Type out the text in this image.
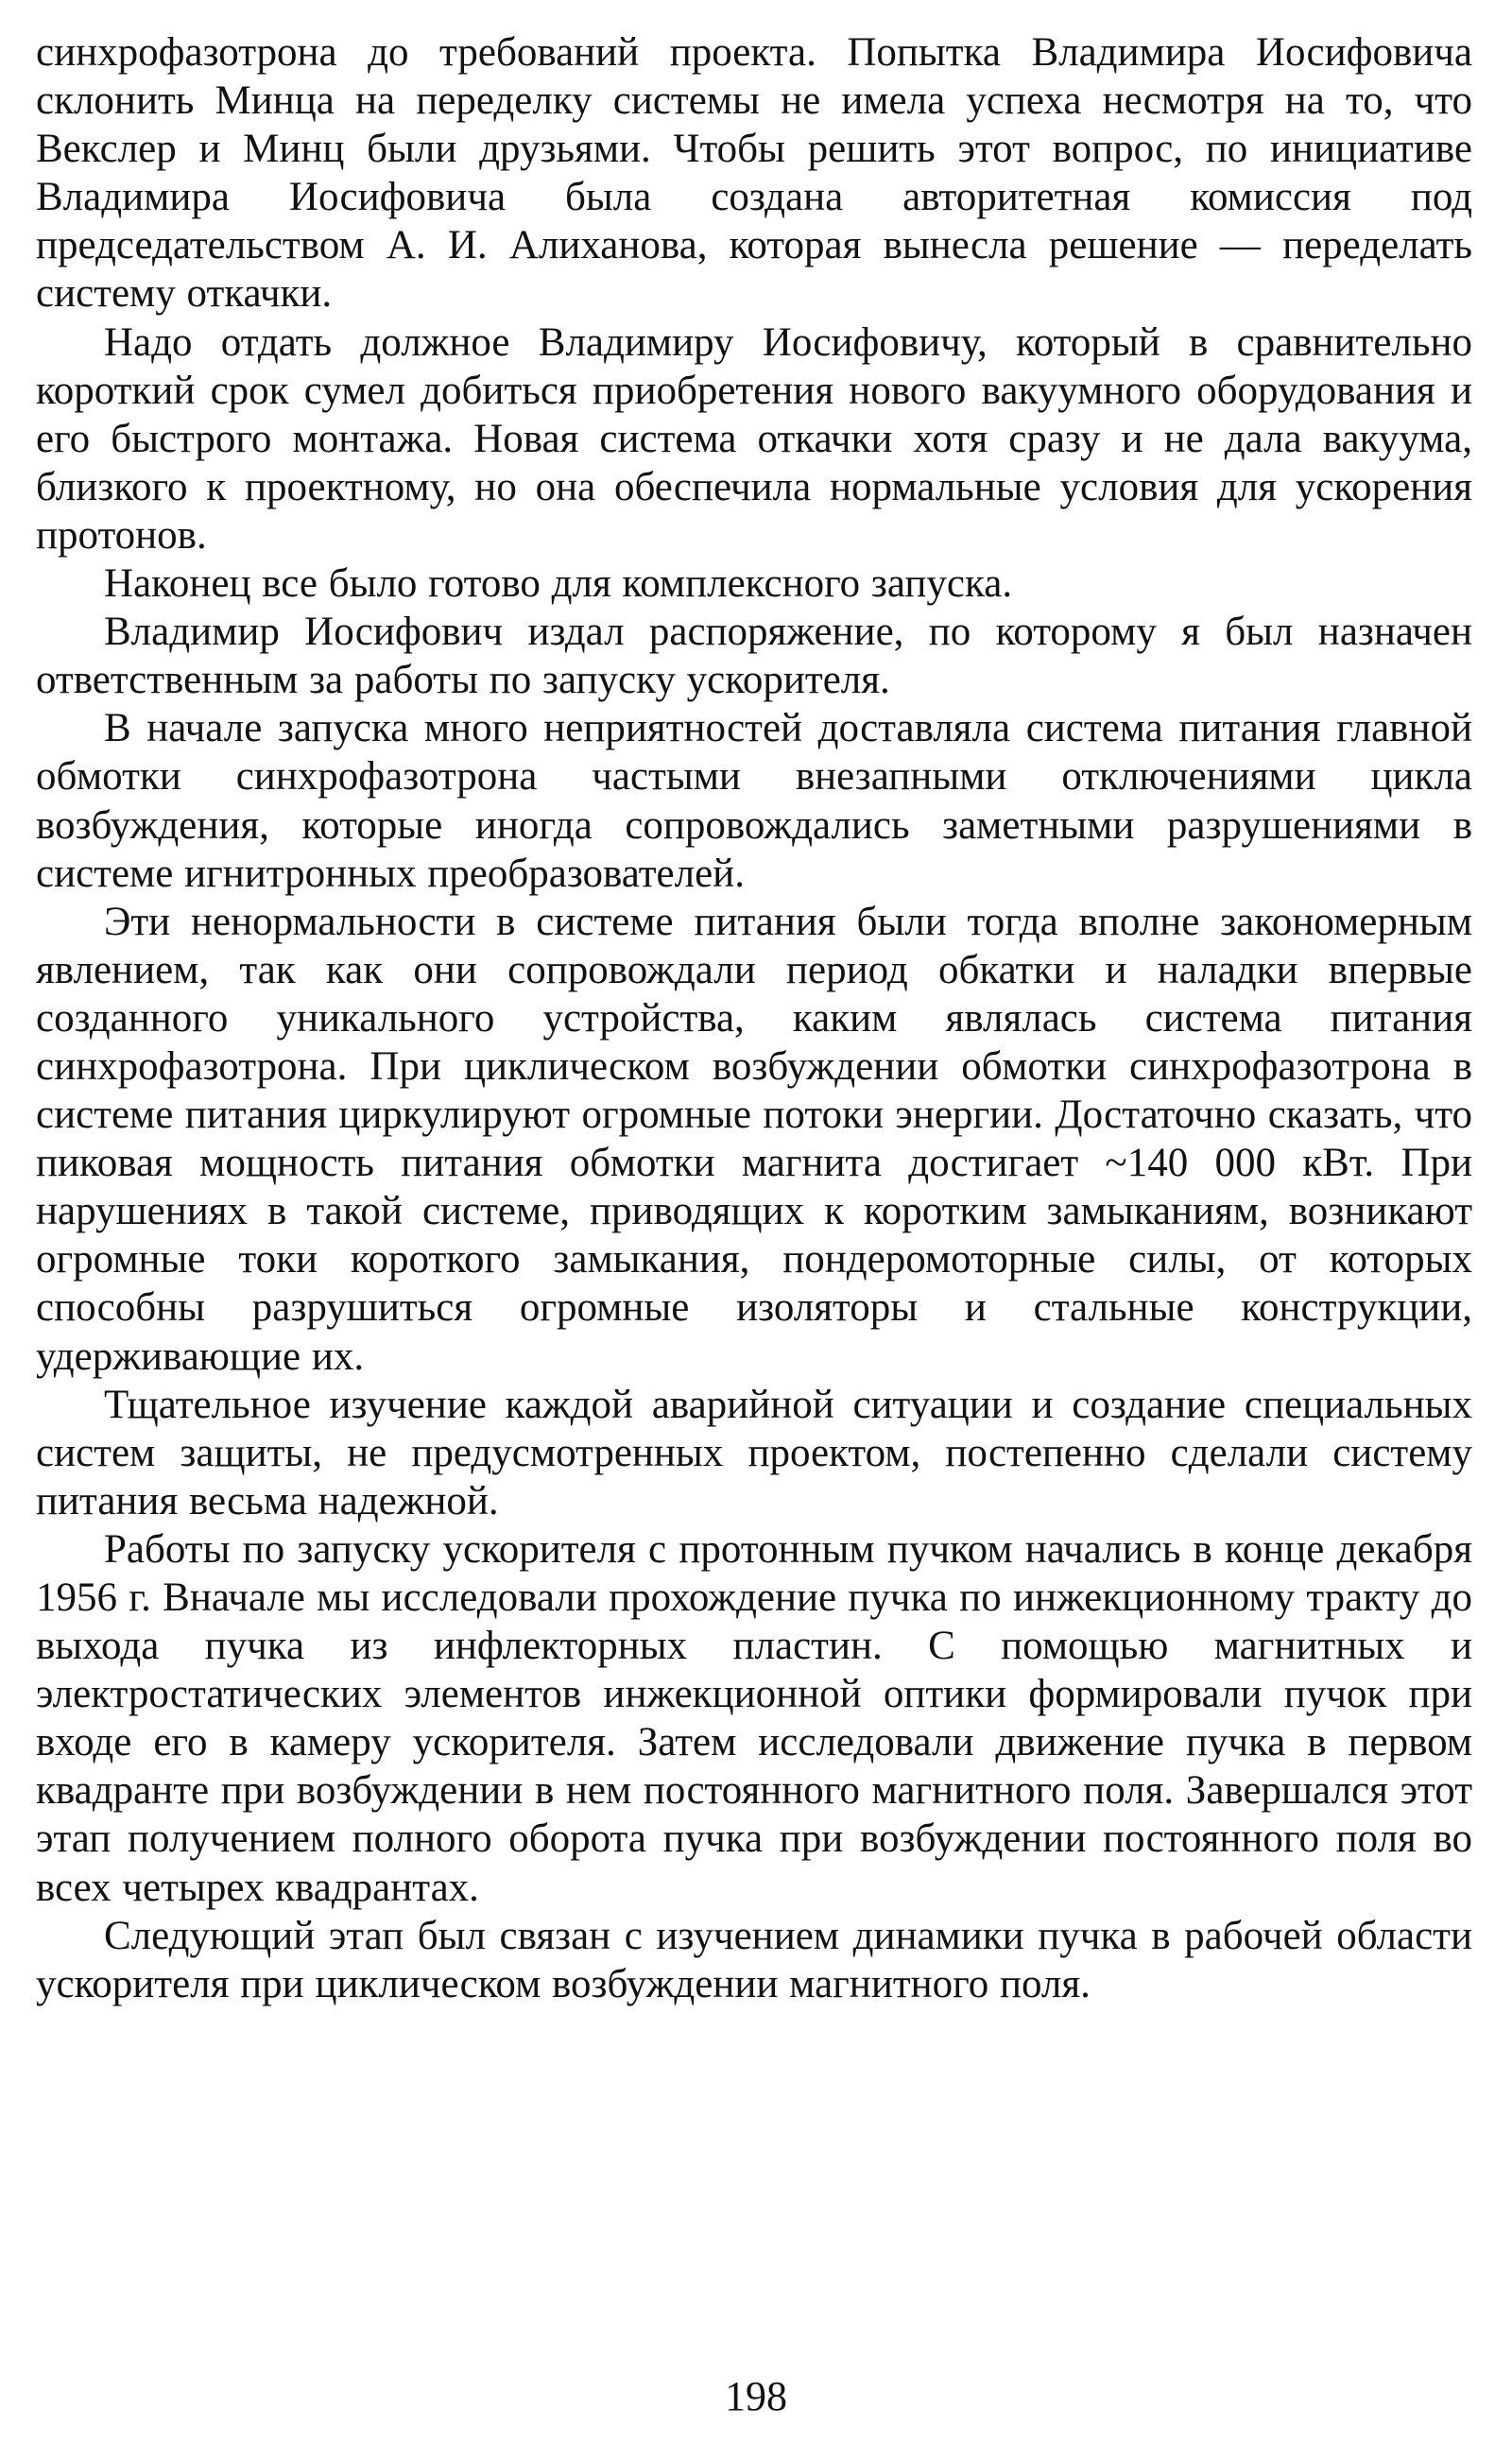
синхрофазотрона до требований проекта. Попытка Владимира Иосифовича склонить Минца на переделку системы не имела успеха несмотря на то, что Векслер и Минц были друзьями. Чтобы решить этот вопрос, по инициативе Владимира Иосифовича была создана авторитетная комиссия под председательством А. И. Алиханова, которая вынесла решение — переделать систему откачки.

Надо отдать должное Владимиру Иосифовичу, который в сравнительно короткий срок сумел добиться приобретения нового вакуумного оборудования и его быстрого монтажа. Новая система откачки хотя сразу и не дала вакуума, близкого к проектному, но она обеспечила нормальные условия для ускорения протонов.

Наконец все было готово для комплексного запуска.

Владимир Иосифович издал распоряжение, по которому я был назначен ответственным за работы по запуску ускорителя.

В начале запуска много неприятностей доставляла система питания главной обмотки синхрофазотрона частыми внезапными отключениями цикла возбуждения, которые иногда сопровождались заметными разрушениями в системе игнитронных преобразователей.

Эти ненормальности в системе питания были тогда вполне закономерным явлением, так как они сопровождали период обкатки и наладки впервые созданного уникального устройства, каким являлась система питания синхрофазотрона. При циклическом возбуждении обмотки синхрофазотрона в системе питания циркулируют огромные потоки энергии. Достаточно сказать, что пиковая мощность питания обмотки магнита достигает ~140 000 кВт. При нарушениях в такой системе, приводящих к коротким замыканиям, возникают огромные токи короткого замыкания, пондеромоторные силы, от которых способны разрушиться огромные изоляторы и стальные конструкции, удерживающие их.

Тщательное изучение каждой аварийной ситуации и создание специальных систем защиты, не предусмотренных проектом, постепенно сделали систему питания весьма надежной.

Работы по запуску ускорителя с протонным пучком начались в конце декабря 1956 г. Вначале мы исследовали прохождение пучка по инжекционному тракту до выхода пучка из инфлекторных пластин. С помощью магнитных и электростатических элементов инжекционной оптики формировали пучок при входе его в камеру ускорителя. Затем исследовали движение пучка в первом квадранте при возбуждении в нем постоянного магнитного поля. Завершался этот этап получением полного оборота пучка при возбуждении постоянного поля во всех четырех квадрантах.

Следующий этап был связан с изучением динамики пучка в рабочей области ускорителя при циклическом возбуждении магнитного поля.

198
